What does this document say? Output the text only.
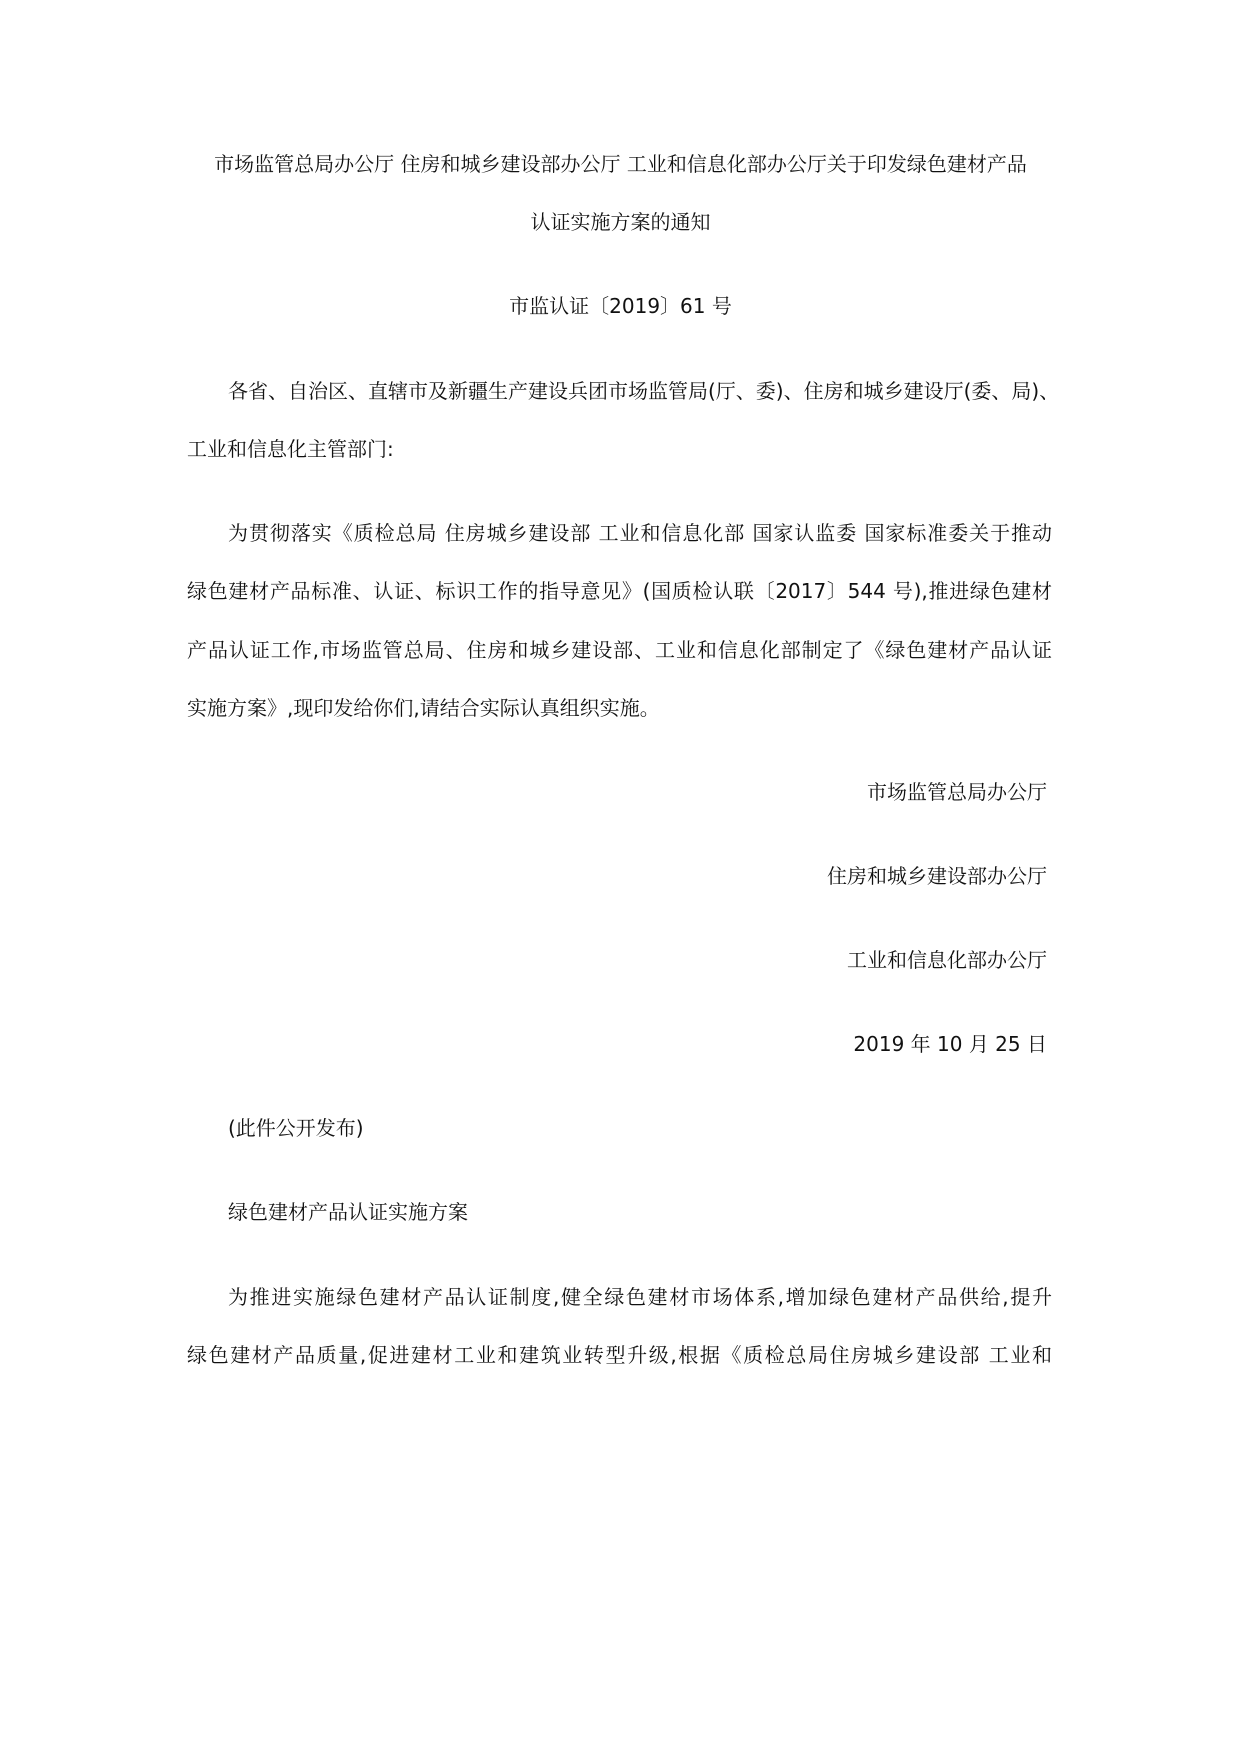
市场监管总局办公厅 住房和城乡建设部办公厅 工业和信息化部办公厅关于印发绿色建材产品
认证实施方案的通知
市监认证〔2019〕61 号
各省、自治区、直辖市及新疆生产建设兵团市场监管局(厅、委)、住房和城乡建设厅(委、局)、
工业和信息化主管部门:
为贯彻落实《质检总局 住房城乡建设部 工业和信息化部 国家认监委 国家标准委关于推动
绿色建材产品标准、认证、标识工作的指导意见》(国质检认联〔2017〕544 号),推进绿色建材
产品认证工作,市场监管总局、住房和城乡建设部、工业和信息化部制定了《绿色建材产品认证
实施方案》,现印发给你们,请结合实际认真组织实施。
市场监管总局办公厅
住房和城乡建设部办公厅
工业和信息化部办公厅
2019 年 10 月 25 日
(此件公开发布)
绿色建材产品认证实施方案
为推进实施绿色建材产品认证制度,健全绿色建材市场体系,增加绿色建材产品供给,提升
绿色建材产品质量,促进建材工业和建筑业转型升级,根据《质检总局住房城乡建设部 工业和
